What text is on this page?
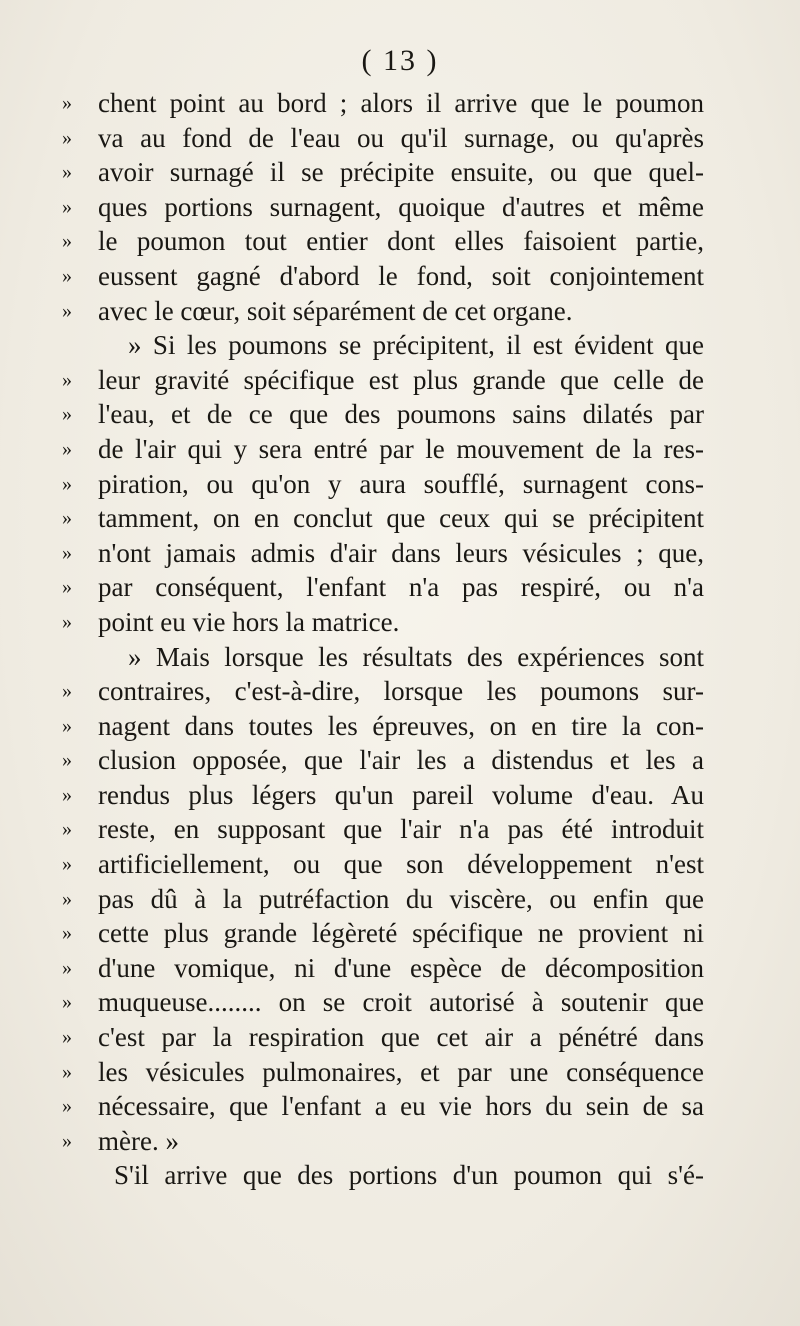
( 13 )
» chent point au bord ; alors il arrive que le poumon
» va au fond de l'eau ou qu'il surnage, ou qu'après
» avoir surnagé il se précipite ensuite, ou que quel-
» ques portions surnagent, quoique d'autres et même
» le poumon tout entier dont elles faisoient partie,
» eussent gagné d'abord le fond, soit conjointement
» avec le cœur, soit séparément de cet organe.
» Si les poumons se précipitent, il est évident que
» leur gravité spécifique est plus grande que celle de
» l'eau, et de ce que des poumons sains dilatés par
» de l'air qui y sera entré par le mouvement de la res-
» piration, ou qu'on y aura soufflé, surnagent cons-
» tamment, on en conclut que ceux qui se précipitent
» n'ont jamais admis d'air dans leurs vésicules ; que,
» par conséquent, l'enfant n'a pas respiré, ou n'a
» point eu vie hors la matrice.
» Mais lorsque les résultats des expériences sont
» contraires, c'est-à-dire, lorsque les poumons sur-
» nagent dans toutes les épreuves, on en tire la con-
» clusion opposée, que l'air les a distendus et les a
» rendus plus légers qu'un pareil volume d'eau. Au
» reste, en supposant que l'air n'a pas été introduit
» artificiellement, ou que son développement n'est
» pas dû à la putréfaction du viscère, ou enfin que
» cette plus grande légèreté spécifique ne provient ni
» d'une vomique, ni d'une espèce de décomposition
» muqueuse........ on se croit autorisé à soutenir que
» c'est par la respiration que cet air a pénétré dans
» les vésicules pulmonaires, et par une conséquence
» nécessaire, que l'enfant a eu vie hors du sein de sa
» mère. »
S'il arrive que des portions d'un poumon qui s'é-
